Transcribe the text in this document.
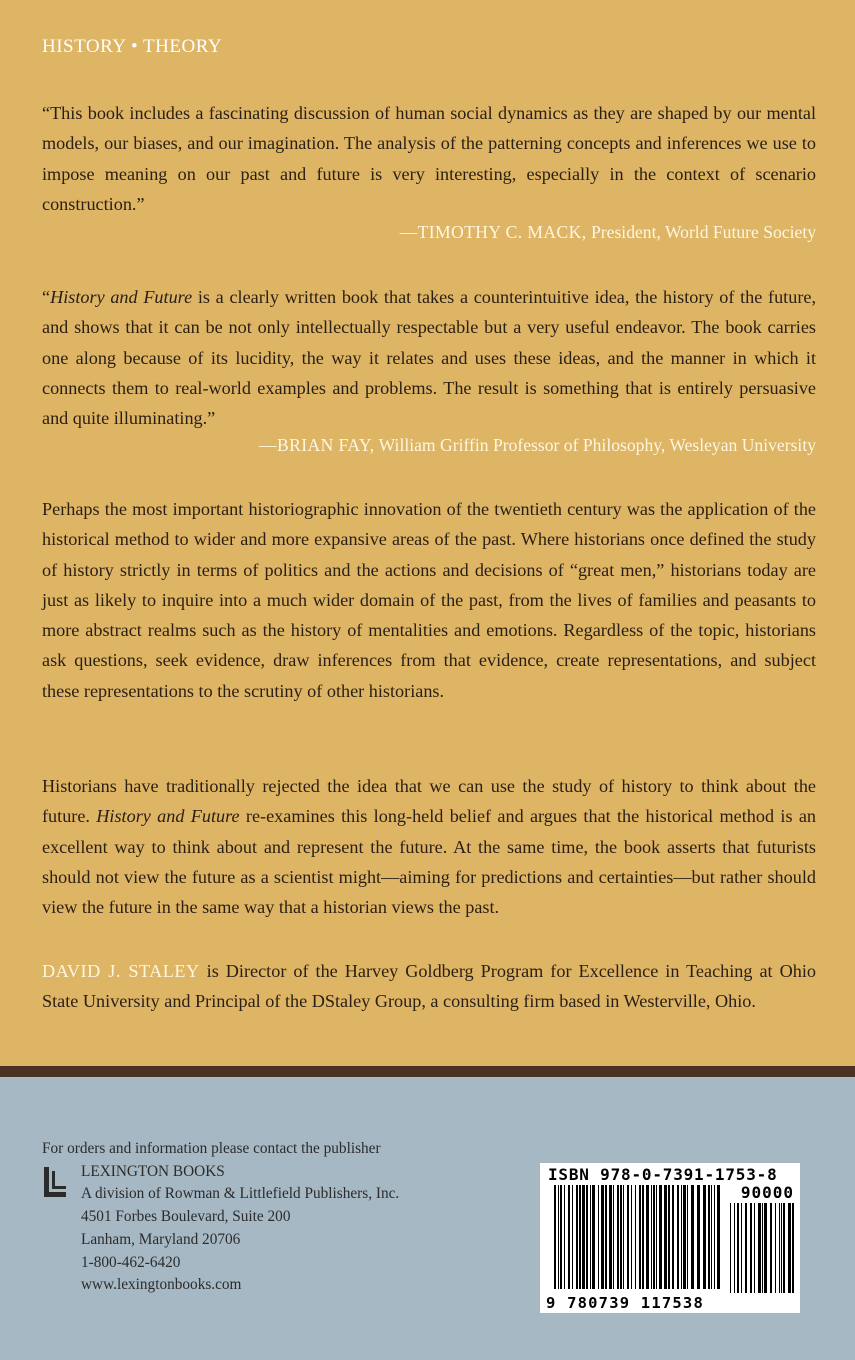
HISTORY • THEORY
“This book includes a fascinating discussion of human social dynamics as they are shaped by our mental models, our biases, and our imagination. The analysis of the patterning concepts and inferences we use to impose meaning on our past and future is very interesting, especially in the context of scenario construction.”
—TIMOTHY C. MACK, President, World Future Society
“History and Future is a clearly written book that takes a counterintuitive idea, the history of the future, and shows that it can be not only intellectually respectable but a very useful endeavor. The book carries one along because of its lucidity, the way it relates and uses these ideas, and the manner in which it connects them to real-world examples and problems. The result is something that is entirely persuasive and quite illuminating.”
—BRIAN FAY, William Griffin Professor of Philosophy, Wesleyan University
Perhaps the most important historiographic innovation of the twentieth century was the application of the historical method to wider and more expansive areas of the past. Where historians once defined the study of history strictly in terms of politics and the actions and decisions of “great men,” historians today are just as likely to inquire into a much wider domain of the past, from the lives of families and peasants to more abstract realms such as the history of mentalities and emotions. Regardless of the topic, historians ask questions, seek evidence, draw inferences from that evidence, create representations, and subject these representations to the scrutiny of other historians.
Historians have traditionally rejected the idea that we can use the study of history to think about the future. History and Future re-examines this long-held belief and argues that the historical method is an excellent way to think about and represent the future. At the same time, the book asserts that futurists should not view the future as a scientist might—aiming for predictions and certainties—but rather should view the future in the same way that a historian views the past.
DAVID J. STALEY is Director of the Harvey Goldberg Program for Excellence in Teaching at Ohio State University and Principal of the DStaley Group, a consulting firm based in Westerville, Ohio.
For orders and information please contact the publisher
LEXINGTON BOOKS
A division of Rowman & Littlefield Publishers, Inc.
4501 Forbes Boulevard, Suite 200
Lanham, Maryland 20706
1-800-462-6420
www.lexingtonbooks.com
ISBN 978-0-7391-1753-8
90000
9 780739 117538
